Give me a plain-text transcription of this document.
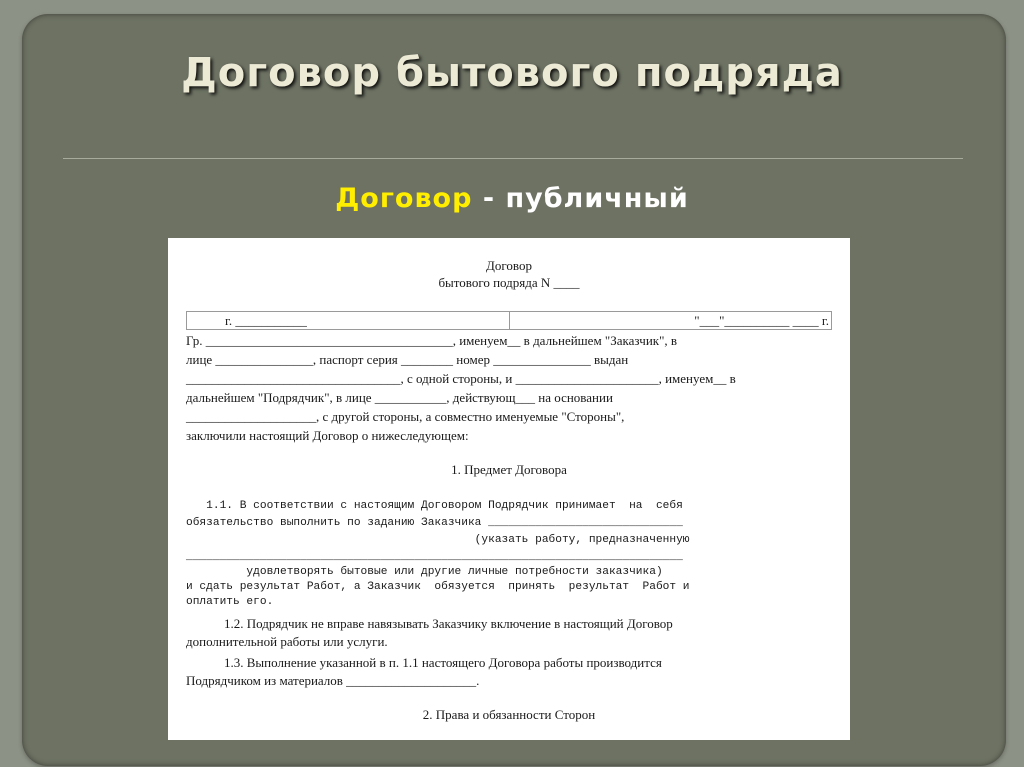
Договор бытового подряда
Договор - публичный
Договор
бытового подряда N ____
г. ___________	"___"__________ ____ г.
Гр. ______________________________________, именуем__ в дальнейшем "Заказчик", в
лице _______________, паспорт серия ________ номер _______________ выдан
_________________________________, с одной стороны, и ______________________, именуем__ в
дальнейшем "Подрядчик", в лице ___________, действующ___ на основании
____________________, с другой стороны, а совместно именуемые "Стороны",
заключили настоящий Договор о нижеследующем:
1. Предмет Договора
1.1. В соответствии с настоящим Договором Подрядчик принимает  на  себя
обязательство выполнить по заданию Заказчика _____________________________
(указать работу, предназначенную
__________________________________________________________________________
удовлетворять бытовые или другие личные потребности заказчика)
и сдать результат Работ, а Заказчик  обязуется  принять  результат  Работ и
оплатить его.
1.2. Подрядчик не вправе навязывать Заказчику включение в настоящий Договор
дополнительной работы или услуги.
1.3. Выполнение указанной в п. 1.1 настоящего Договора работы производится
Подрядчиком из материалов ____________________.
2. Права и обязанности Сторон
